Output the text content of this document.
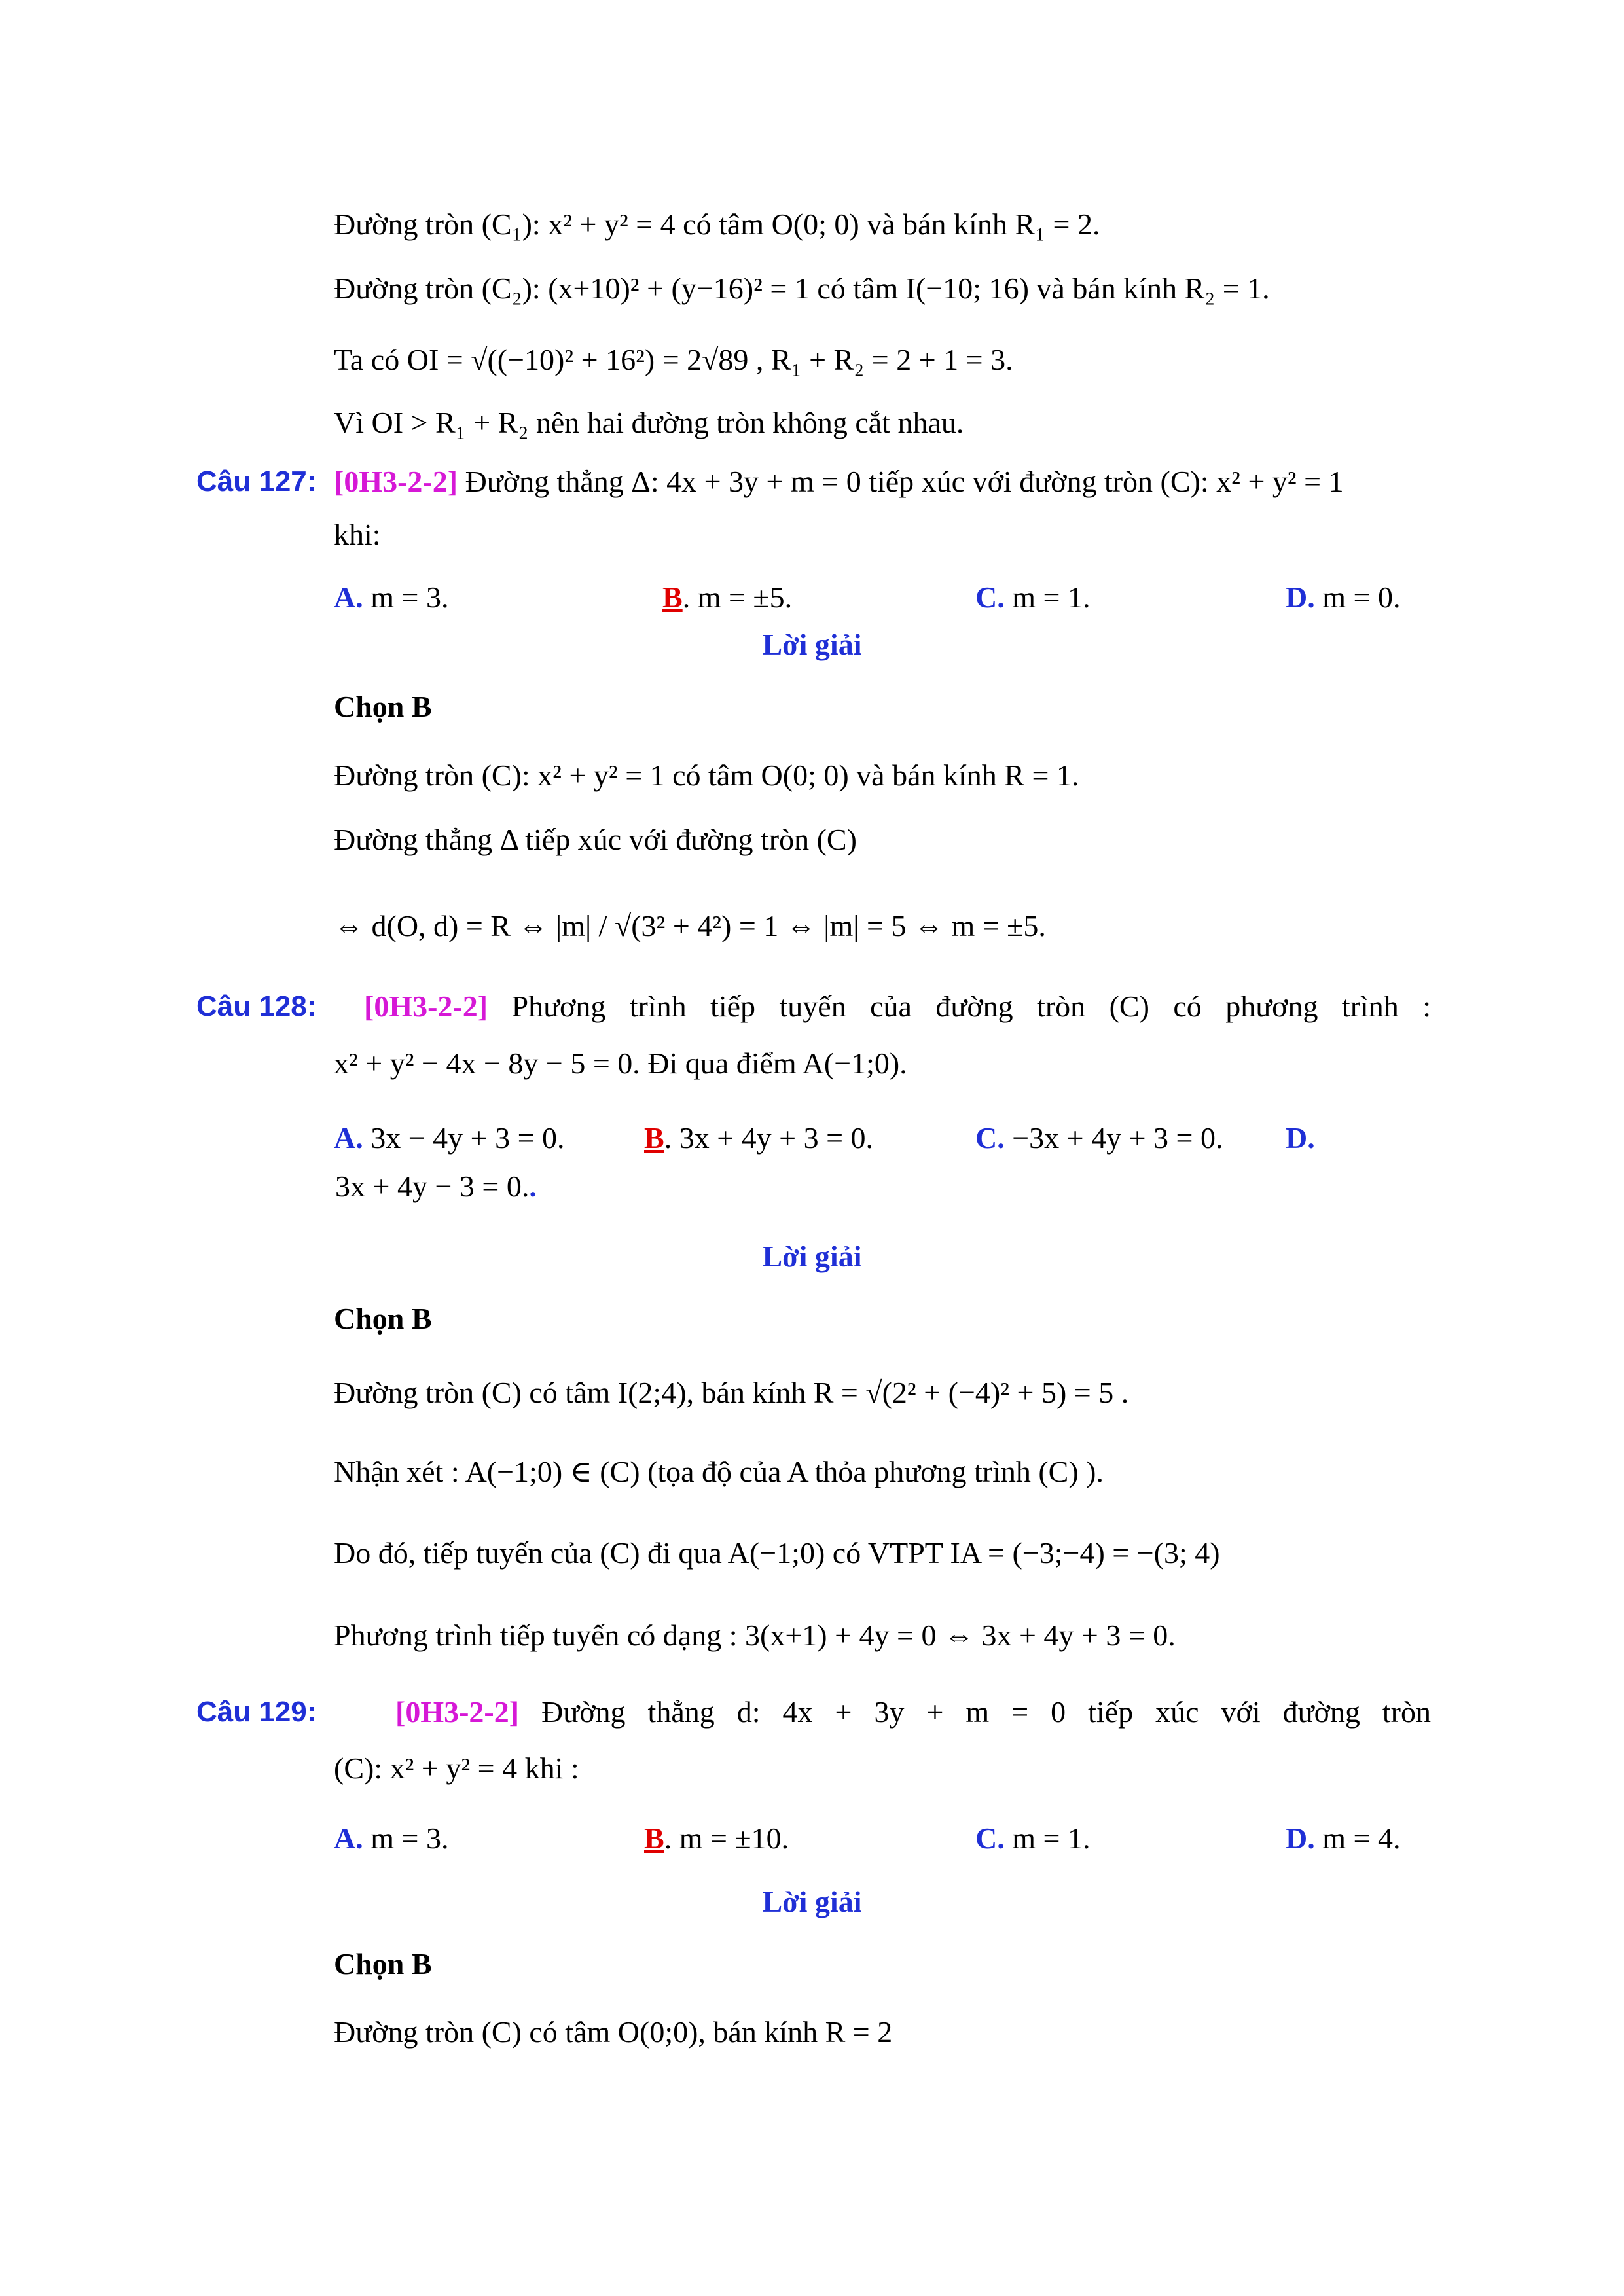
Đường tròn (C₁): x² + y² = 4 có tâm O(0; 0) và bán kính R₁ = 2.
Đường tròn (C₂): (x+10)² + (y−16)² = 1 có tâm I(−10; 16) và bán kính R₂ = 1.
Ta có OI = √((−10)² + 16²) = 2√89 , R₁ + R₂ = 2 + 1 = 3.
Vì OI > R₁ + R₂ nên hai đường tròn không cắt nhau.
Câu 127: [0H3-2-2] Đường thẳng Δ: 4x + 3y + m = 0 tiếp xúc với đường tròn (C): x² + y² = 1
khi:
A. m = 3.	B. m = ±5.	C. m = 1.	D. m = 0.
Lời giải
Chọn B
Đường tròn (C): x² + y² = 1 có tâm O(0; 0) và bán kính R = 1.
Đường thẳng Δ tiếp xúc với đường tròn (C)
⇔ d(O, d) = R ⇔ |m| / √(3² + 4²) = 1 ⇔ |m| = 5 ⇔ m = ±5.
Câu 128: [0H3-2-2] Phương trình tiếp tuyến của đường tròn (C) có phương trình :
x² + y² − 4x − 8y − 5 = 0. Đi qua điểm A(−1;0).
A. 3x − 4y + 3 = 0.	B. 3x + 4y + 3 = 0.	C. −3x + 4y + 3 = 0. D.
3x + 4y − 3 = 0..
Lời giải
Chọn B
Đường tròn (C) có tâm I(2;4), bán kính R = √(2² + (−4)² + 5) = 5 .
Nhận xét : A(−1;0) ∈ (C) (tọa độ của A thỏa phương trình (C) ).
Do đó, tiếp tuyến của (C) đi qua A(−1;0) có VTPT IA = (−3;−4) = −(3; 4)
Phương trình tiếp tuyến có dạng : 3(x+1) + 4y = 0 ⇔ 3x + 4y + 3 = 0.
Câu 129:	[0H3-2-2] Đường thẳng d: 4x + 3y + m = 0 tiếp xúc với đường tròn
(C): x² + y² = 4 khi :
A. m = 3.	B. m = ±10.	C. m = 1.	D. m = 4.
Lời giải
Chọn B
Đường tròn (C) có tâm O(0;0), bán kính R = 2
